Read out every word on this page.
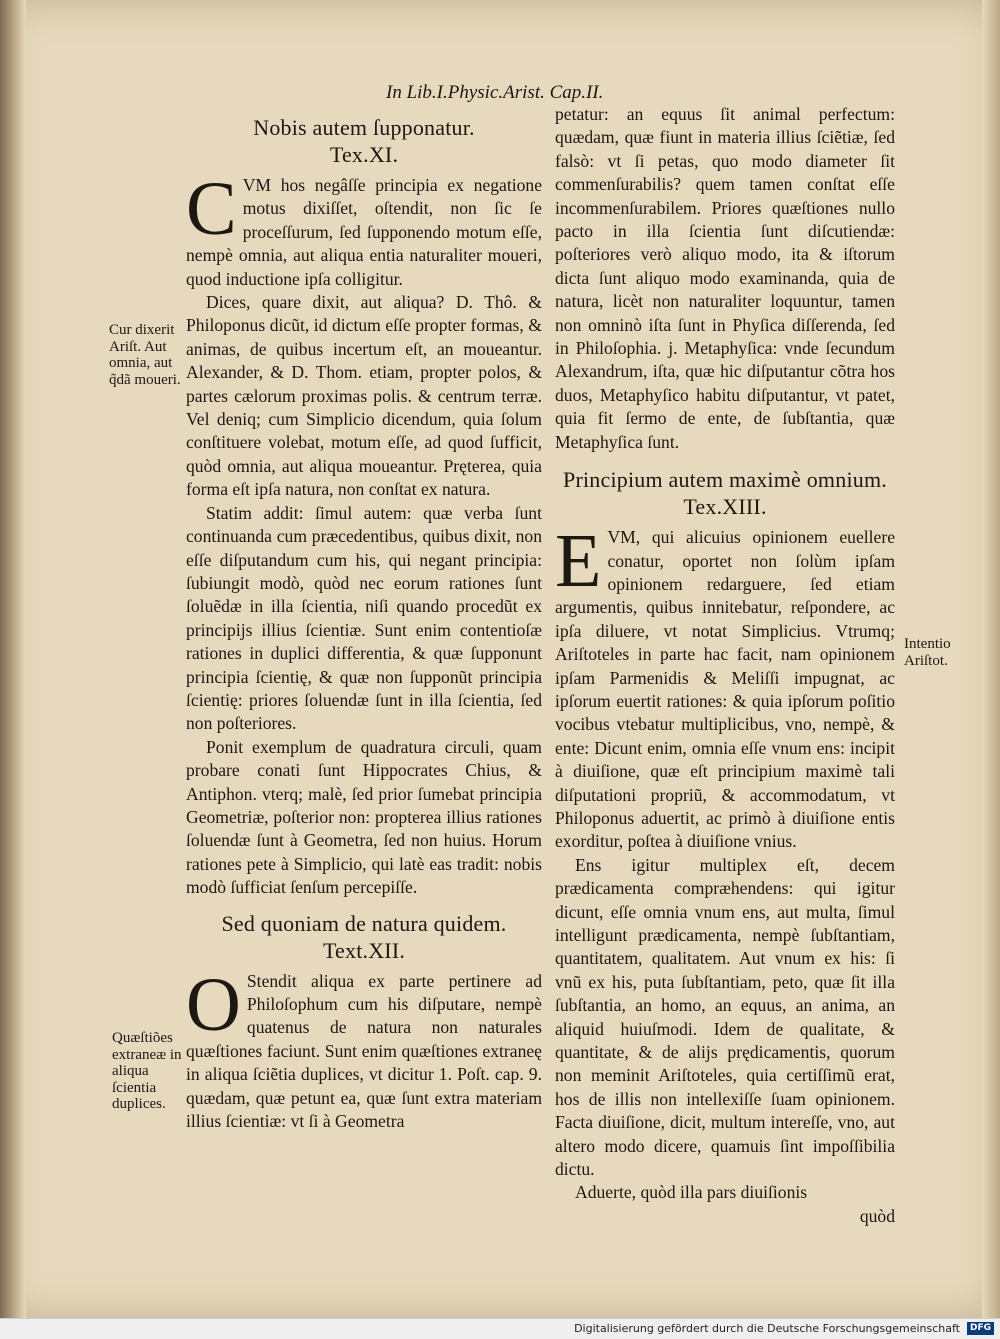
In Lib.I.Physic.Arist. Cap.II.
Cur dixerit Ariſt. Aut omnia, aut q̃dã moueri.
Quæſtiões extraneæ in aliqua ſcientia duplices.
Intentio Ariſtot.
Nobis autem ſupponatur.
Tex.XI.

CVM hos negâſſe principia ex negatione motus dixiſſet, oſtendit, non ſic ſe proceſſurum, ſed ſupponendo motum eſſe, nempè omnia, aut aliqua entia naturaliter moueri, quod inductione ipſa colligitur.

Dices, quare dixit, aut aliqua? D. Thô. & Philoponus dicũt, id dictum eſſe propter formas, & animas, de quibus incertum eſt, an moueantur. Alexander, & D. Thom. etiam, propter polos, & partes cælorum proximas polis. & centrum terræ. Vel deniq; cum Simplicio dicendum, quia ſolum conſtituere volebat, motum eſſe, ad quod ſufficit, quòd omnia, aut aliqua moueantur. Pręterea, quia forma eſt ipſa natura, non conſtat ex natura.

Statim addit: ſimul autem: quæ verba ſunt continuanda cum præcedentibus, quibus dixit, non eſſe diſputandum cum his, qui negant principia: ſubiungit modò, quòd nec eorum rationes ſunt ſoluẽdæ in illa ſcientia, niſi quando procedũt ex principijs illius ſcientiæ. Sunt enim contentioſæ rationes in duplici differentia, & quæ ſupponunt principia ſcientię, & quæ non ſupponũt principia ſcientię: priores ſoluendæ ſunt in illa ſcientia, ſed non poſteriores.

Ponit exemplum de quadratura circuli, quam probare conati ſunt Hippocrates Chius, & Antiphon. vterq; malè, ſed prior ſumebat principia Geometriæ, poſterior non: propterea illius rationes ſoluendæ ſunt à Geometra, ſed non huius. Horum rationes pete à Simplicio, qui latè eas tradit: nobis modò ſufficiat ſenſum percepiſſe.

Sed quoniam de natura quidem.
Text.XII.

O Stendit aliqua ex parte pertinere ad Philoſophum cum his diſputare, nempè quatenus de natura non naturales quæſtiones faciunt. Sunt enim quæſtiones extraneę in aliqua ſciẽtia duplices, vt dicitur 1. Poſt. cap. 9. quædam, quæ petunt ea, quæ ſunt extra materiam illius ſcientiæ: vt ſi à Geometra

petatur: an equus ſit animal perfectum: quædam, quæ fiunt in materia illius ſciẽtiæ, ſed falsò: vt ſi petas, quo modo diameter ſit commenſurabilis? quem tamen conſtat eſſe incommenſurabilem. Priores quæſtiones nullo pacto in illa ſcientia ſunt diſcutiendæ: poſteriores verò aliquo modo, ita & iſtorum dicta ſunt aliquo modo examinanda, quia de natura, licèt non naturaliter loquuntur, tamen non omninò iſta ſunt in Phyſica diſſerenda, ſed in Philoſophia. j. Metaphyſica: vnde ſecundum Alexandrum, iſta, quæ hic diſputantur cõtra hos duos, Metaphyſico habitu diſputantur, vt patet, quia fit ſermo de ente, de ſubſtantia, quæ Metaphyſica ſunt.

Principium autem maximè omnium.
Tex.XIII.

EVM, qui alicuius opinionem euellere conatur, oportet non ſolùm ipſam opinionem redarguere, ſed etiam argumentis, quibus innitebatur, reſpondere, ac ipſa diluere, vt notat Simplicius. Vtrumq; Ariſtoteles in parte hac facit, nam opinionem ipſam Parmenidis & Meliſſi impugnat, ac ipſorum euertit rationes: & quia ipſorum poſitio vocibus vtebatur multiplicibus, vno, nempè, & ente: Dicunt enim, omnia eſſe vnum ens: incipit à diuiſione, quæ eſt principium maximè tali diſputationi propriũ, & accommodatum, vt Philoponus aduertit, ac primò à diuiſione entis exorditur, poſtea à diuiſione vnius.

Ens igitur multiplex eſt, decem prædicamenta compræhendens: qui igitur dicunt, eſſe omnia vnum ens, aut multa, ſimul intelligunt prædicamenta, nempè ſubſtantiam, quantitatem, qualitatem. Aut vnum ex his: ſi vnũ ex his, puta ſubſtantiam, peto, quæ ſit illa ſubſtantia, an homo, an equus, an anima, an aliquid huiuſmodi. Idem de qualitate, & quantitate, & de alijs prędicamentis, quorum non meminit Ariſtoteles, quia certiſſimũ erat, hos de illis non intellexiſſe ſuam opinionem. Facta diuiſione, dicit, multum intereſſe, vno, aut altero modo dicere, quamuis ſint impoſſibilia dictu.

Aduerte, quòd illa pars diuiſionis

quòd

Digitalisierung gefördert durch die Deutsche Forschungsgemeinschaft	DFG
